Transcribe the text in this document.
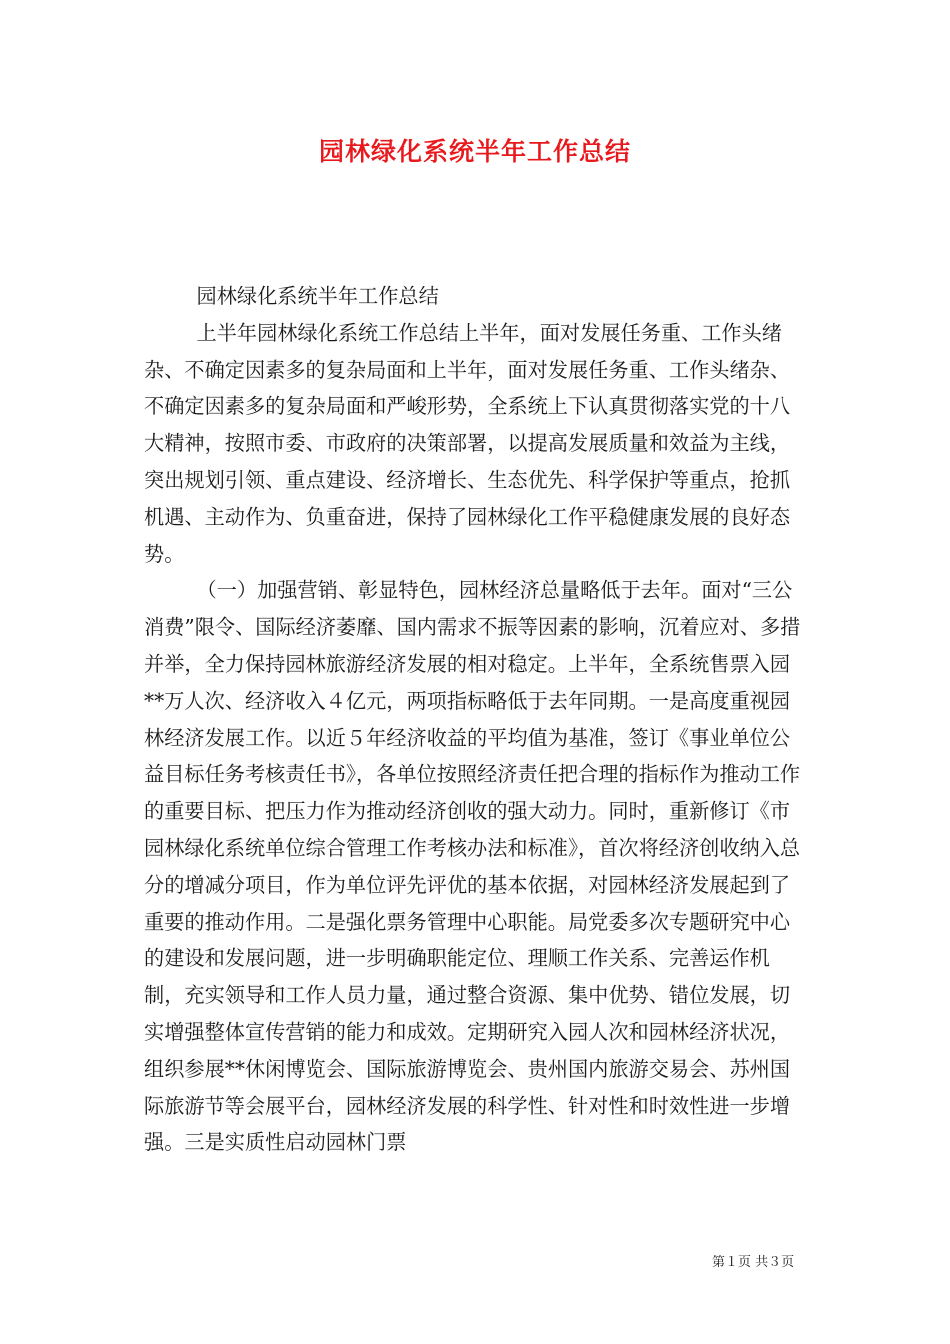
园林绿化系统半年工作总结

园林绿化系统半年工作总结

上半年园林绿化系统工作总结上半年，面对发展任务重、工作头绪杂、不确定因素多的复杂局面和上半年，面对发展任务重、工作头绪杂、不确定因素多的复杂局面和严峻形势，全系统上下认真贯彻落实党的十八大精神，按照市委、市政府的决策部署，以提高发展质量和效益为主线，突出规划引领、重点建设、经济增长、生态优先、科学保护等重点，抢抓机遇、主动作为、负重奋进，保持了园林绿化工作平稳健康发展的良好态势。

（一）加强营销、彰显特色，园林经济总量略低于去年。面对“三公消费”限令、国际经济萎靡、国内需求不振等因素的影响，沉着应对、多措并举，全力保持园林旅游经济发展的相对稳定。上半年，全系统售票入园**万人次、经济收入４亿元，两项指标略低于去年同期。一是高度重视园林经济发展工作。以近５年经济收益的平均值为基准，签订《事业单位公益目标任务考核责任书》，各单位按照经济责任把合理的指标作为推动工作的重要目标、把压力作为推动经济创收的强大动力。同时，重新修订《市园林绿化系统单位综合管理工作考核办法和标准》，首次将经济创收纳入总分的增减分项目，作为单位评先评优的基本依据，对园林经济发展起到了重要的推动作用。二是强化票务管理中心职能。局党委多次专题研究中心的建设和发展问题，进一步明确职能定位、理顺工作关系、完善运作机制，充实领导和工作人员力量，通过整合资源、集中优势、错位发展，切实增强整体宣传营销的能力和成效。定期研究入园人次和园林经济状况，组织参展**休闲博览会、国际旅游博览会、贵州国内旅游交易会、苏州国际旅游节等会展平台，园林经济发展的科学性、针对性和时效性进一步增强。三是实质性启动园林门票

第１页 共３页
